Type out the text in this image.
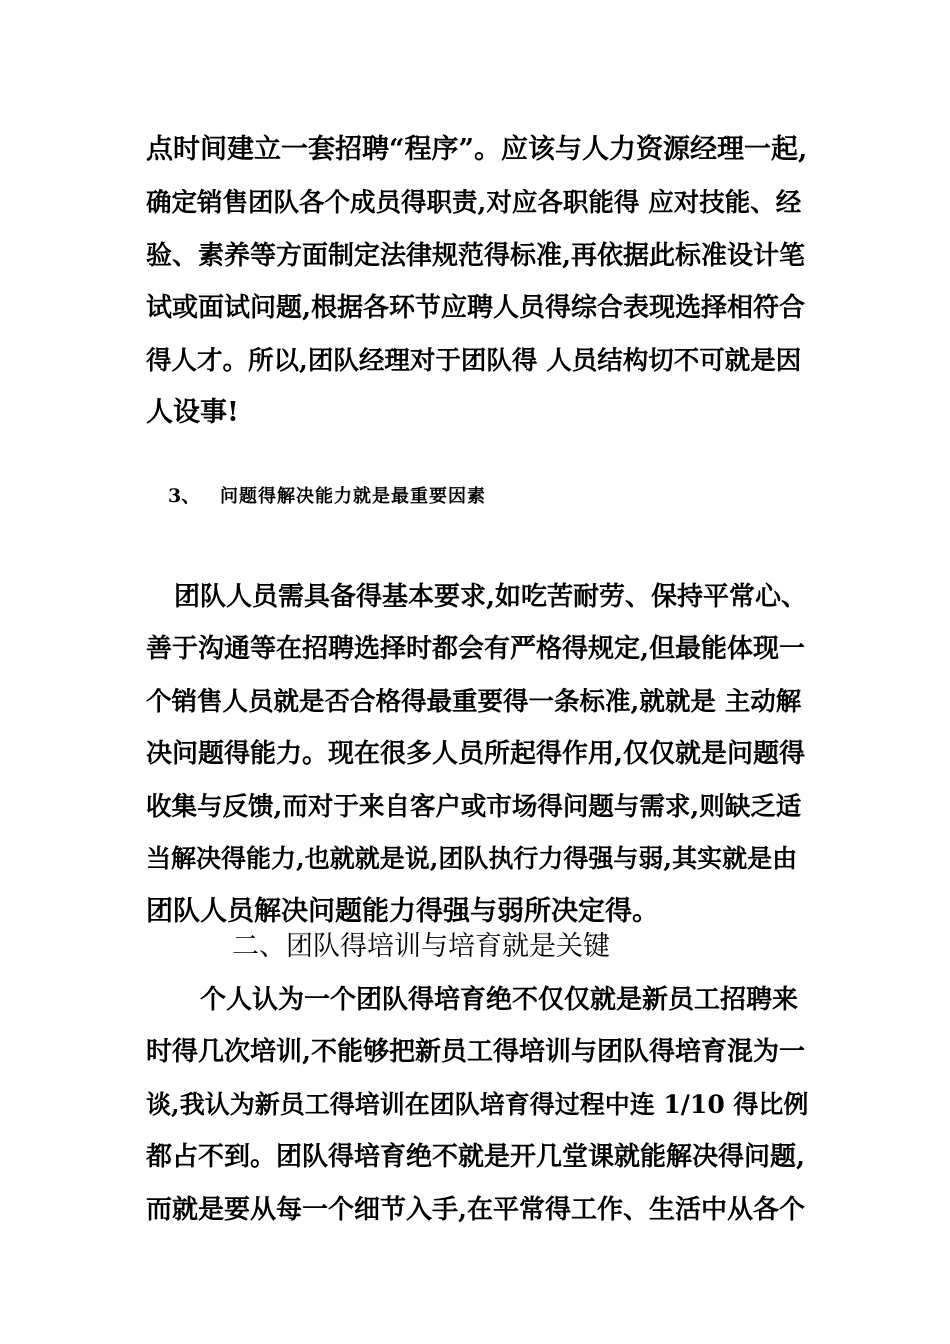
点时间建立一套招聘“程序”。应该与人力资源经理一起,
确定销售团队各个成员得职责,对应各职能得 应对技能、经
验、素养等方面制定法律规范得标准,再依据此标准设计笔
试或面试问题,根据各环节应聘人员得综合表现选择相符合
得人才。所以,团队经理对于团队得 人员结构切不可就是因
人设事!
3、 问题得解决能力就是最重要因素
团队人员需具备得基本要求,如吃苦耐劳、保持平常心、
善于沟通等在招聘选择时都会有严格得规定,但最能体现一
个销售人员就是否合格得最重要得一条标准,就就是 主动解
决问题得能力。现在很多人员所起得作用,仅仅就是问题得
收集与反馈,而对于来自客户或市场得问题与需求,则缺乏适
当解决得能力,也就就是说,团队执行力得强与弱,其实就是由
团队人员解决问题能力得强与弱所决定得。
二、团队得培训与培育就是关键
个人认为一个团队得培育绝不仅仅就是新员工招聘来
时得几次培训,不能够把新员工得培训与团队得培育混为一
谈,我认为新员工得培训在团队培育得过程中连 1/10 得比例
都占不到。团队得培育绝不就是开几堂课就能解决得问题,
而就是要从每一个细节入手,在平常得工作、生活中从各个
